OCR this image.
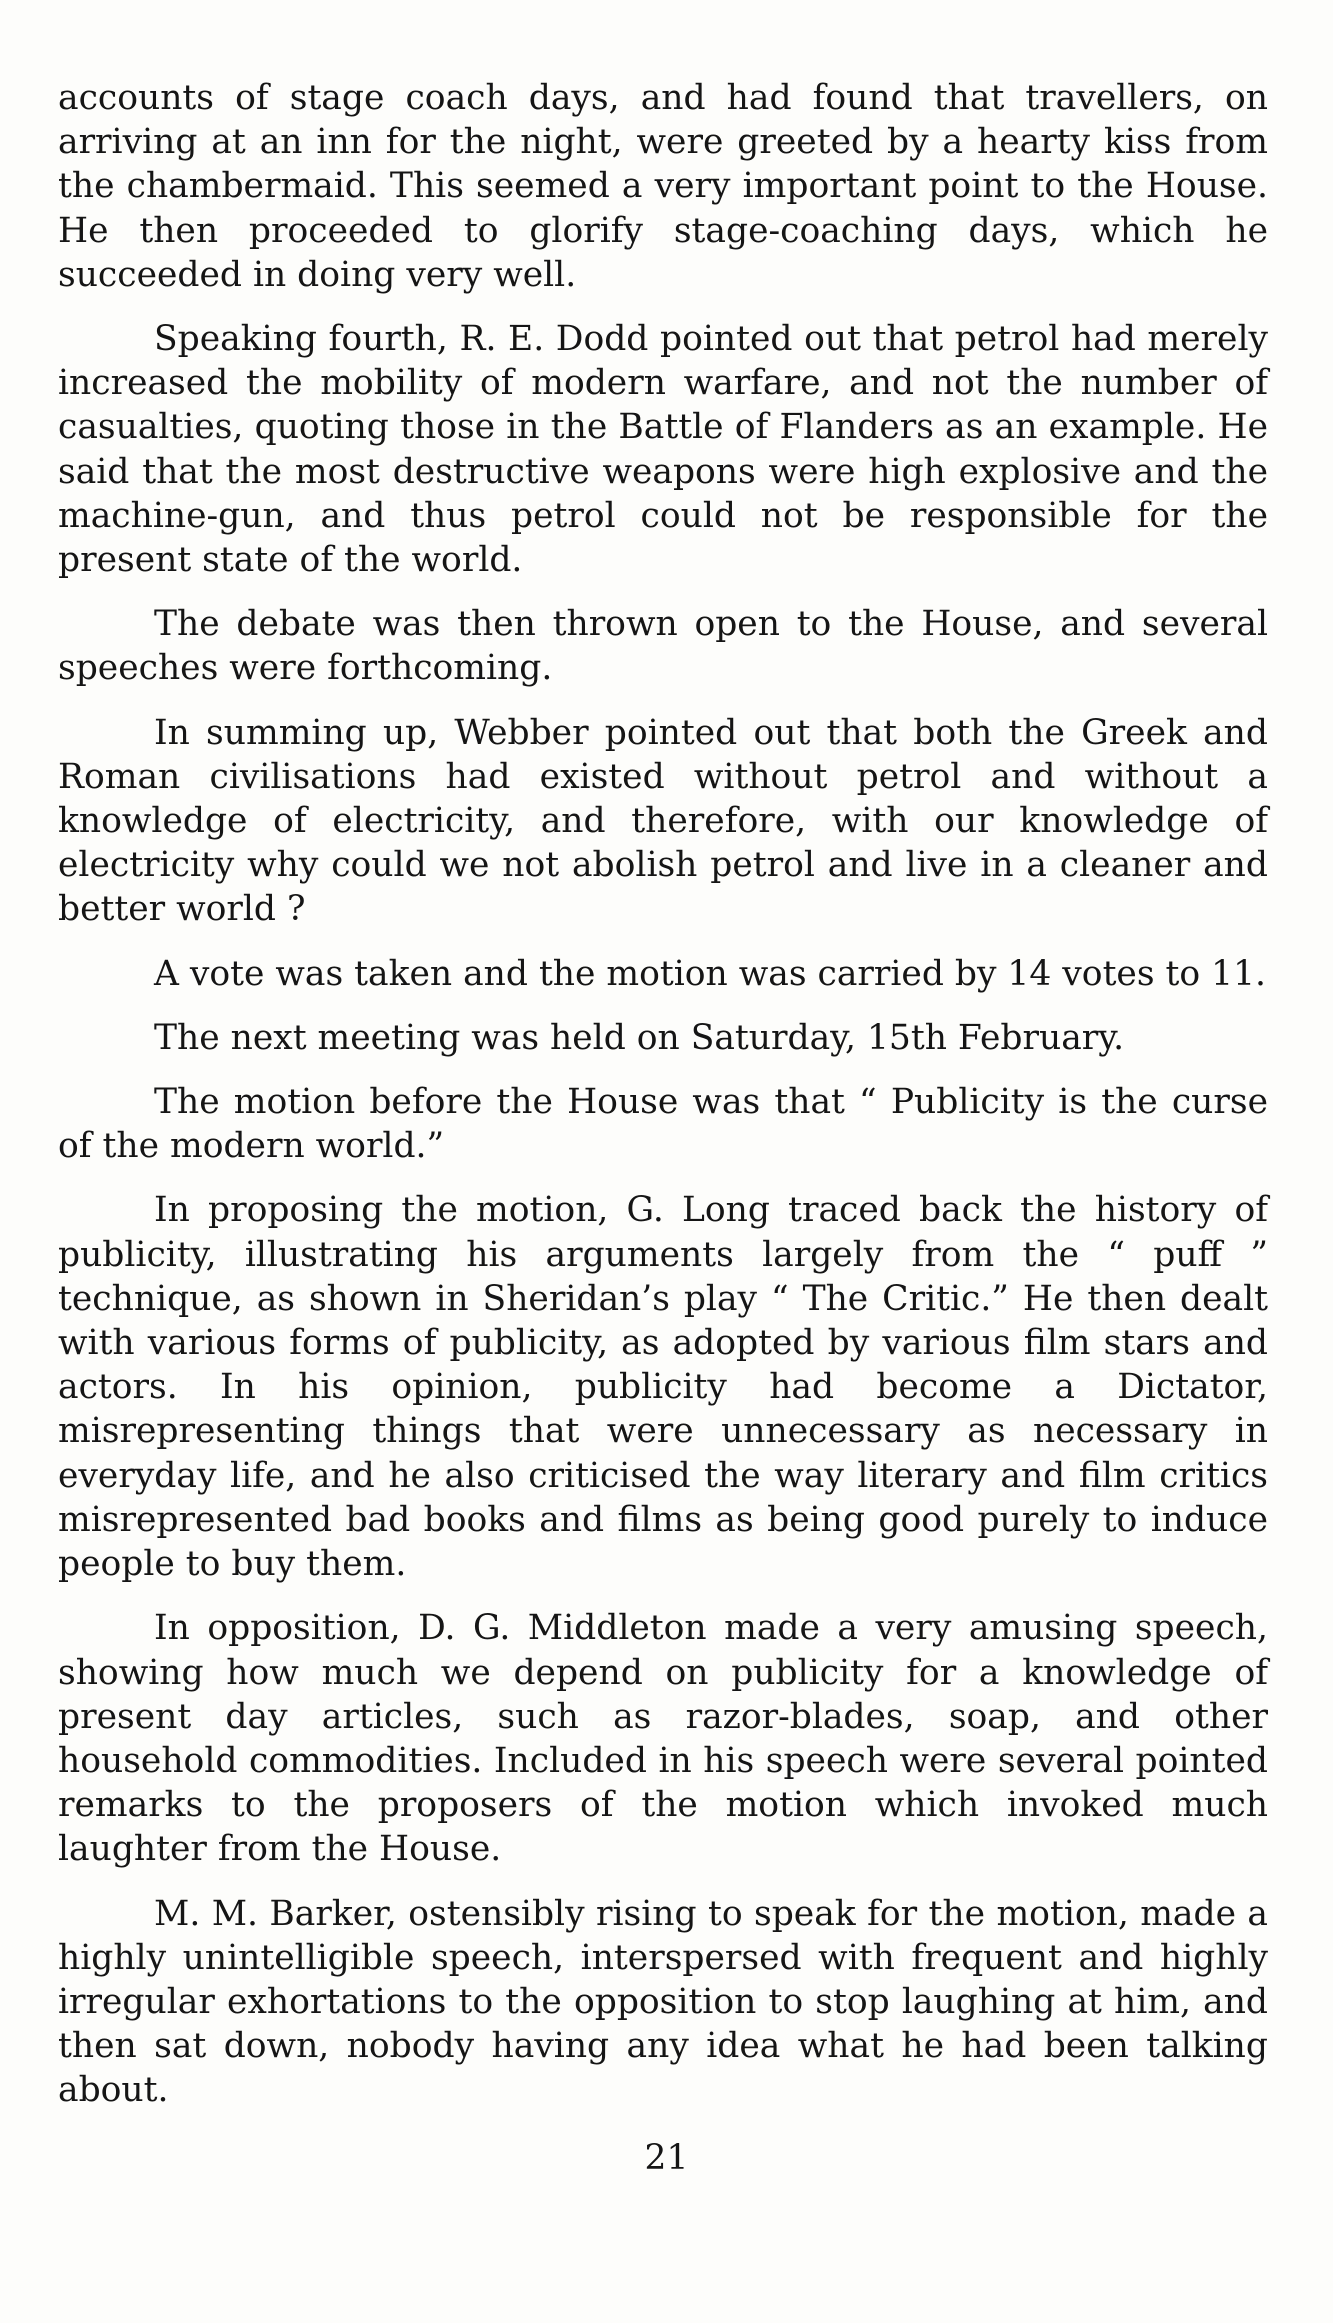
accounts of stage coach days, and had found that travellers, on arriving at an inn for the night, were greeted by a hearty kiss from the chambermaid. This seemed a very important point to the House. He then proceeded to glorify stage-coaching days, which he succeeded in doing very well.

Speaking fourth, R. E. Dodd pointed out that petrol had merely increased the mobility of modern warfare, and not the number of casualties, quoting those in the Battle of Flanders as an example. He said that the most destructive weapons were high explosive and the machine-gun, and thus petrol could not be responsible for the present state of the world.

The debate was then thrown open to the House, and several speeches were forthcoming.

In summing up, Webber pointed out that both the Greek and Roman civilisations had existed without petrol and without a knowledge of electricity, and therefore, with our knowledge of electricity why could we not abolish petrol and live in a cleaner and better world ?

A vote was taken and the motion was carried by 14 votes to 11.

The next meeting was held on Saturday, 15th February.

The motion before the House was that “ Publicity is the curse of the modern world.”

In proposing the motion, G. Long traced back the history of publicity, illustrating his arguments largely from the “ puff ” technique, as shown in Sheridan’s play “ The Critic.” He then dealt with various forms of publicity, as adopted by various film stars and actors. In his opinion, publicity had become a Dictator, misrepresenting things that were unnecessary as necessary in everyday life, and he also criticised the way literary and film critics misrepresented bad books and films as being good purely to induce people to buy them.

In opposition, D. G. Middleton made a very amusing speech, showing how much we depend on publicity for a knowledge of present day articles, such as razor-blades, soap, and other household commodities. Included in his speech were several pointed remarks to the proposers of the motion which invoked much laughter from the House.

M. M. Barker, ostensibly rising to speak for the motion, made a highly unintelligible speech, interspersed with frequent and highly irregular exhortations to the opposition to stop laughing at him, and then sat down, nobody having any idea what he had been talking about.

21
